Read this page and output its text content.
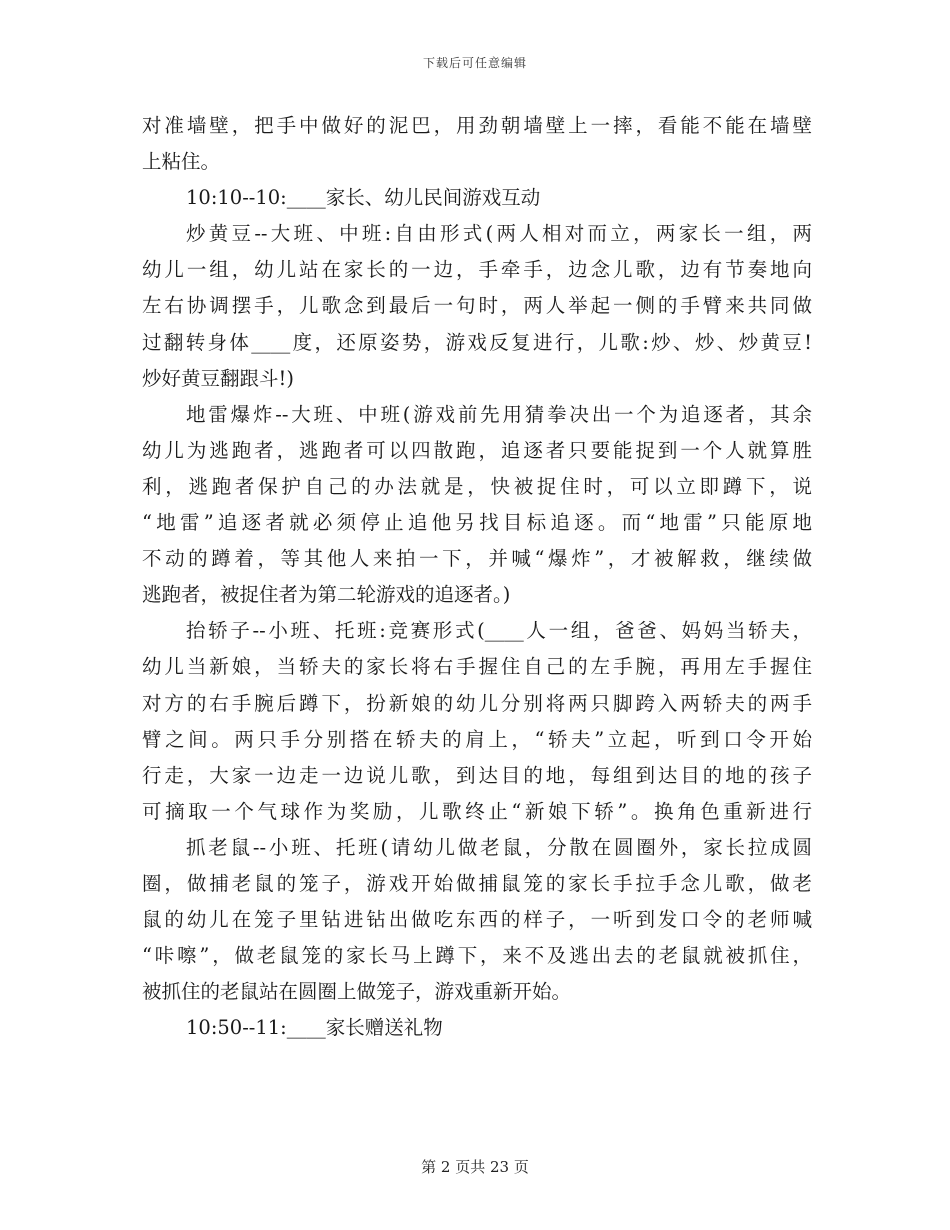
下载后可任意编辑
对准墙壁，把手中做好的泥巴，用劲朝墙壁上一摔，看能不能在墙壁
上粘住。
10:10--10:____家长、幼儿民间游戏互动
炒黄豆--大班、中班:自由形式(两人相对而立，两家长一组，两
幼儿一组，幼儿站在家长的一边，手牵手，边念儿歌，边有节奏地向
左右协调摆手，儿歌念到最后一句时，两人举起一侧的手臂来共同做
过翻转身体____度，还原姿势，游戏反复进行，儿歌:炒、炒、炒黄豆!
炒好黄豆翻跟斗!)
地雷爆炸--大班、中班(游戏前先用猜拳决出一个为追逐者，其余
幼儿为逃跑者，逃跑者可以四散跑，追逐者只要能捉到一个人就算胜
利，逃跑者保护自己的办法就是，快被捉住时，可以立即蹲下，说
“地雷”追逐者就必须停止追他另找目标追逐。而“地雷”只能原地
不动的蹲着，等其他人来拍一下，并喊“爆炸”，才被解救，继续做
逃跑者，被捉住者为第二轮游戏的追逐者。)
抬轿子--小班、托班:竞赛形式(____人一组，爸爸、妈妈当轿夫，
幼儿当新娘，当轿夫的家长将右手握住自己的左手腕，再用左手握住
对方的右手腕后蹲下，扮新娘的幼儿分别将两只脚跨入两轿夫的两手
臂之间。两只手分别搭在轿夫的肩上，“轿夫”立起，听到口令开始
行走，大家一边走一边说儿歌，到达目的地，每组到达目的地的孩子
可摘取一个气球作为奖励，儿歌终止“新娘下轿”。换角色重新进行
抓老鼠--小班、托班(请幼儿做老鼠，分散在圆圈外，家长拉成圆
圈，做捕老鼠的笼子，游戏开始做捕鼠笼的家长手拉手念儿歌，做老
鼠的幼儿在笼子里钻进钻出做吃东西的样子，一听到发口令的老师喊
“咔嚓”，做老鼠笼的家长马上蹲下，来不及逃出去的老鼠就被抓住，
被抓住的老鼠站在圆圈上做笼子，游戏重新开始。
10:50--11:____家长赠送礼物
第 2 页共 23 页
